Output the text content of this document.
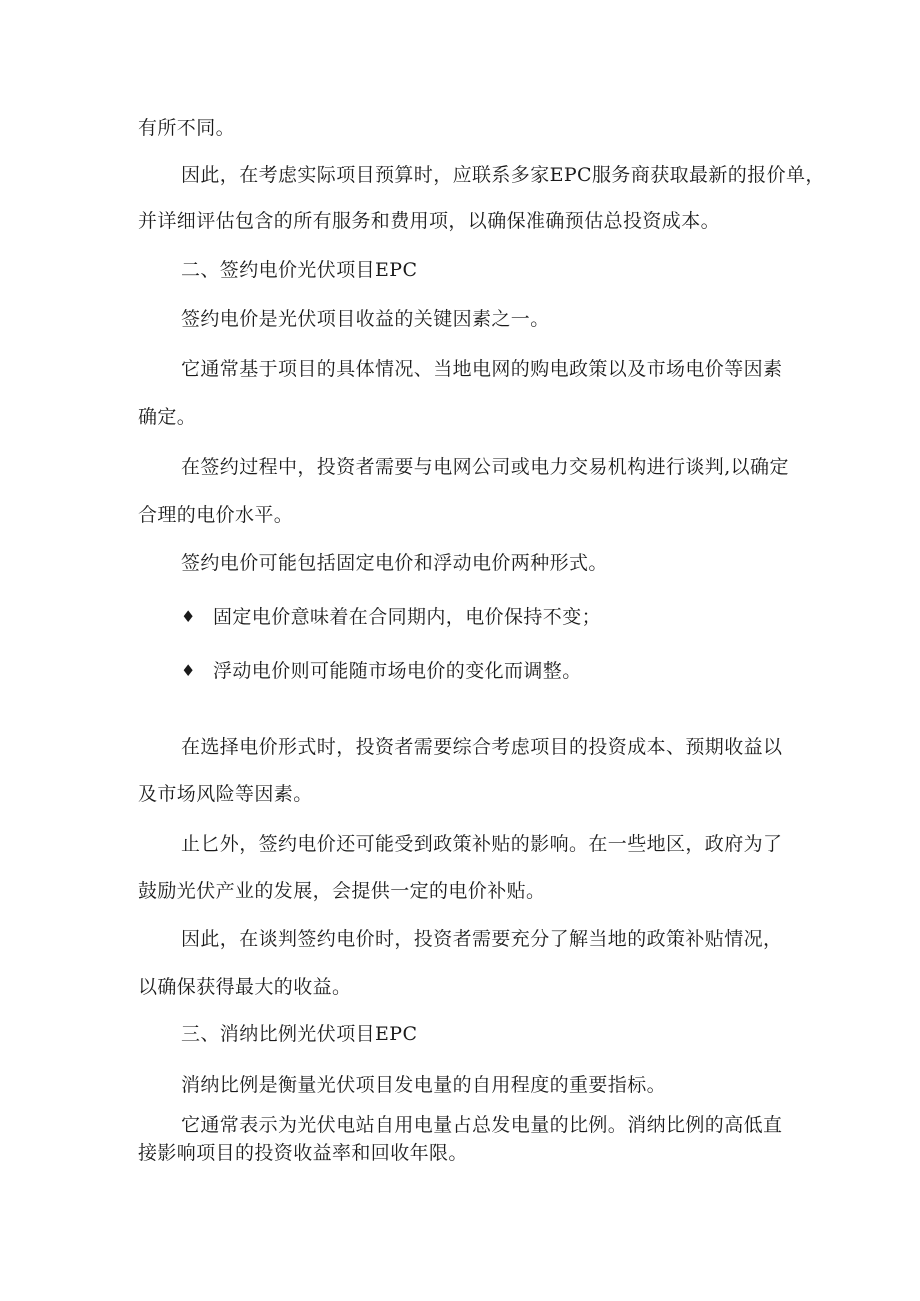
有所不同。
因此，在考虑实际项目预算时，应联系多家EPC服务商获取最新的报价单，
并详细评估包含的所有服务和费用项，以确保准确预估总投资成本。
二、签约电价光伏项目EPC
签约电价是光伏项目收益的关键因素之一。
它通常基于项目的具体情况、当地电网的购电政策以及市场电价等因素
确定。
在签约过程中，投资者需要与电网公司或电力交易机构进行谈判,以确定
合理的电价水平。
签约电价可能包括固定电价和浮动电价两种形式。
♦ 固定电价意味着在合同期内，电价保持不变；
♦ 浮动电价则可能随市场电价的变化而调整。
在选择电价形式时，投资者需要综合考虑项目的投资成本、预期收益以
及市场风险等因素。
止匕外，签约电价还可能受到政策补贴的影响。在一些地区，政府为了
鼓励光伏产业的发展，会提供一定的电价补贴。
因此，在谈判签约电价时，投资者需要充分了解当地的政策补贴情况，
以确保获得最大的收益。
三、消纳比例光伏项目EPC
消纳比例是衡量光伏项目发电量的自用程度的重要指标。
它通常表示为光伏电站自用电量占总发电量的比例。消纳比例的高低直
接影响项目的投资收益率和回收年限。
